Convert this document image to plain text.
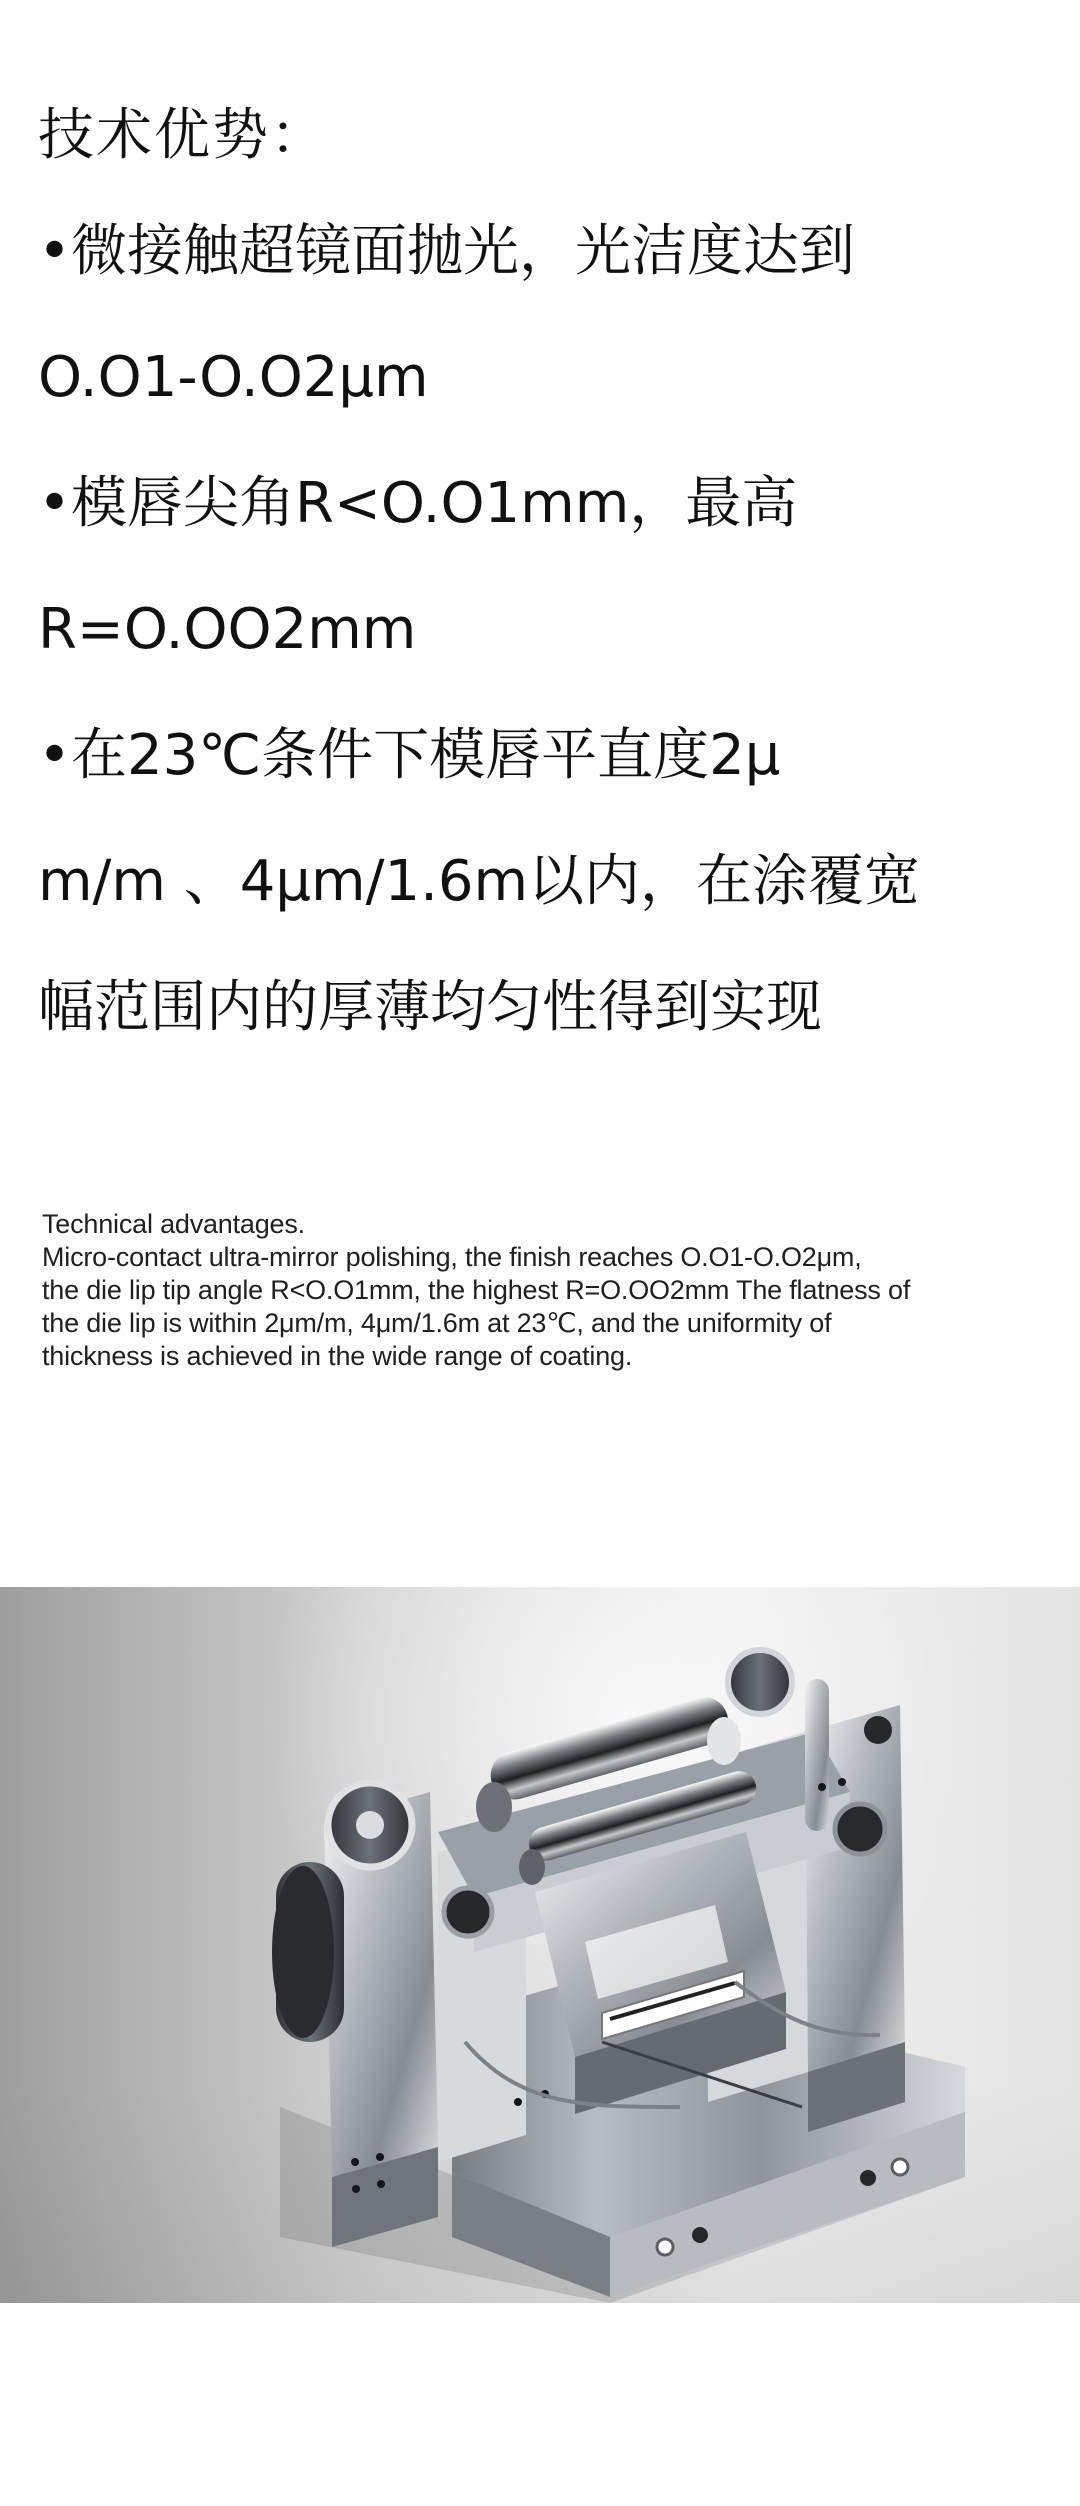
技术优势：
•微接触超镜面抛光，光洁度达到
O.O1-O.O2μm
•模唇尖角R<O.O1mm，最高
R=O.OO2mm
•在23℃条件下模唇平直度2μ
m/m 、4μm/1.6m以内，在涂覆宽
幅范围内的厚薄均匀性得到实现
Technical advantages.
Micro-contact ultra-mirror polishing, the finish reaches O.O1-O.O2μm,
the die lip tip angle R<O.O1mm, the highest R=O.OO2mm The flatness of
the die lip is within 2μm/m, 4μm/1.6m at 23℃, and the uniformity of
thickness is achieved in the wide range of coating.
